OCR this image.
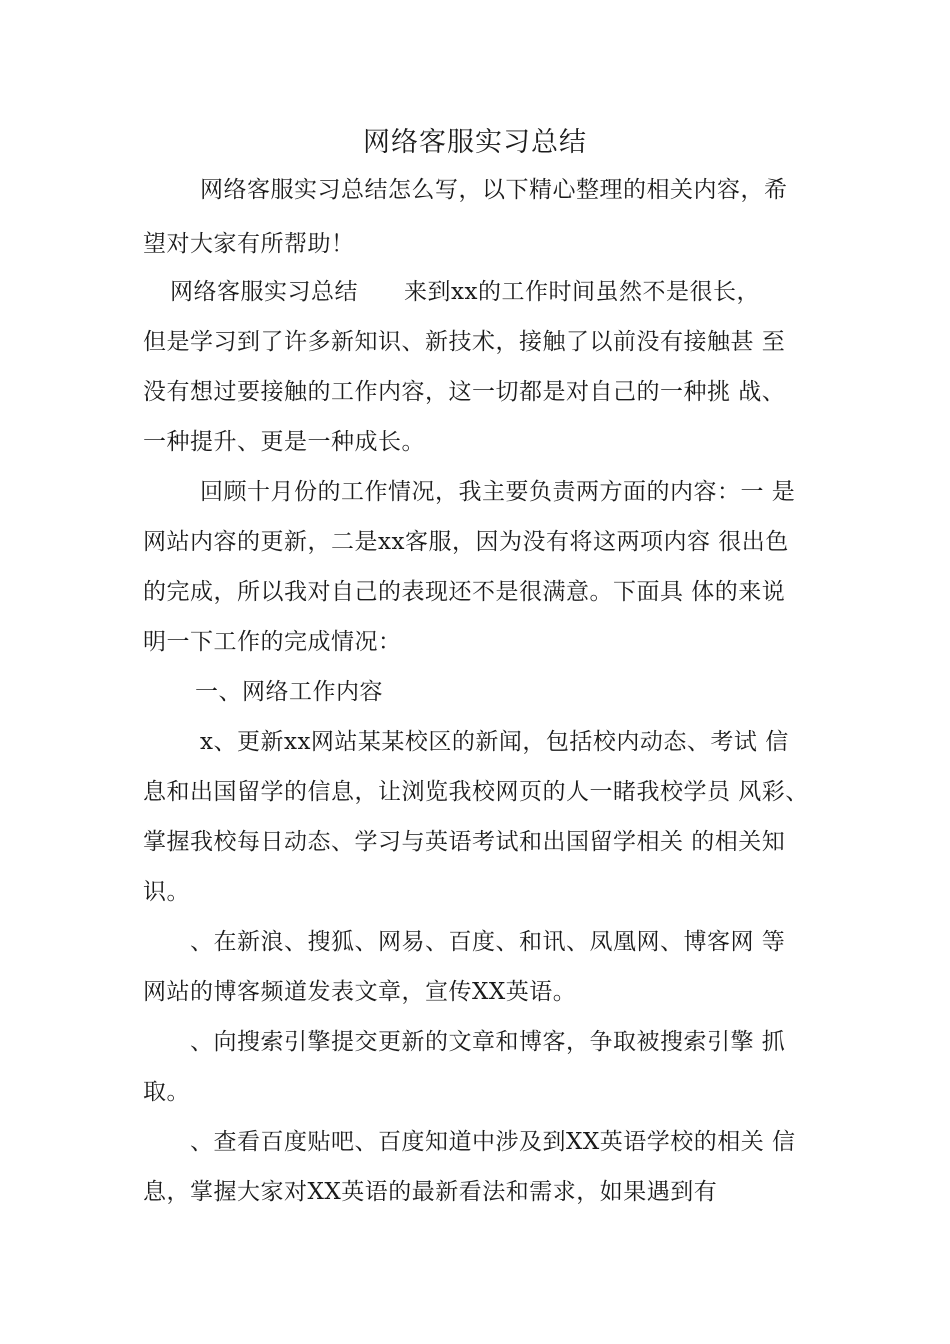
网络客服实习总结
网络客服实习总结怎么写，以下精心整理的相关内容，希
望对大家有所帮助！
网络客服实习总结 来到xx的工作时间虽然不是很长，
但是学习到了许多新知识、新技术，接触了以前没有接触甚 至
没有想过要接触的工作内容，这一切都是对自己的一种挑 战、
一种提升、更是一种成长。
回顾十月份的工作情况，我主要负责两方面的内容：一 是
网站内容的更新，二是xx客服，因为没有将这两项内容 很出色
的完成，所以我对自己的表现还不是很满意。下面具 体的来说
明一下工作的完成情况：
一、网络工作内容
x、更新xx网站某某校区的新闻，包括校内动态、考试 信
息和出国留学的信息，让浏览我校网页的人一睹我校学员 风彩、
掌握我校每日动态、学习与英语考试和出国留学相关 的相关知
识。
、在新浪、搜狐、网易、百度、和讯、凤凰网、博客网 等
网站的博客频道发表文章，宣传XX英语。
、向搜索引擎提交更新的文章和博客，争取被搜索引擎 抓
取。
、查看百度贴吧、百度知道中涉及到XX英语学校的相关 信
息，掌握大家对XX英语的最新看法和需求，如果遇到有
